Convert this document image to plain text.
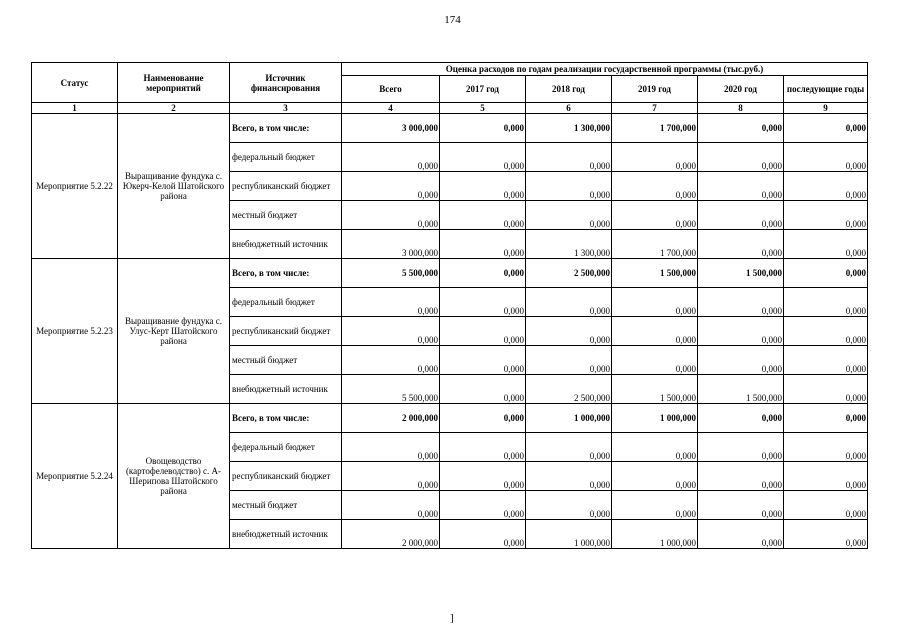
174
Статус	Наименование мероприятий	Источник финансирования	Оценка расходов по годам реализации государственной программы (тыс.руб.)					
			Всего	2017 год	2018 год	2019 год	2020 год	последующие годы
1	2	3	4	5	6	7	8	9
Мероприятие 5.2.22	Выращивание фундука с. Юкерч-Келой Шатойского района	Всего, в том числе:	3 000,000	0,000	1 300,000	1 700,000	0,000	0,000
		федеральный бюджет	0,000	0,000	0,000	0,000	0,000	0,000
		республиканский бюджет	0,000	0,000	0,000	0,000	0,000	0,000
		местный бюджет	0,000	0,000	0,000	0,000	0,000	0,000
		внебюджетный источник	3 000,000	0,000	1 300,000	1 700,000	0,000	0,000
Мероприятие 5.2.23	Выращивание фундука с. Улус-Керт Шатойского района	Всего, в том числе:	5 500,000	0,000	2 500,000	1 500,000	1 500,000	0,000
		федеральный бюджет	0,000	0,000	0,000	0,000	0,000	0,000
		республиканский бюджет	0,000	0,000	0,000	0,000	0,000	0,000
		местный бюджет	0,000	0,000	0,000	0,000	0,000	0,000
		внебюджетный источник	5 500,000	0,000	2 500,000	1 500,000	1 500,000	0,000
Мероприятие 5.2.24	Овощеводство (картофелеводство) с. А-Шерипова Шатойского района	Всего, в том числе:	2 000,000	0,000	1 000,000	1 000,000	0,000	0,000
		федеральный бюджет	0,000	0,000	0,000	0,000	0,000	0,000
		республиканский бюджет	0,000	0,000	0,000	0,000	0,000	0,000
		местный бюджет	0,000	0,000	0,000	0,000	0,000	0,000
		внебюджетный источник	2 000,000	0,000	1 000,000	1 000,000	0,000	0,000
]
